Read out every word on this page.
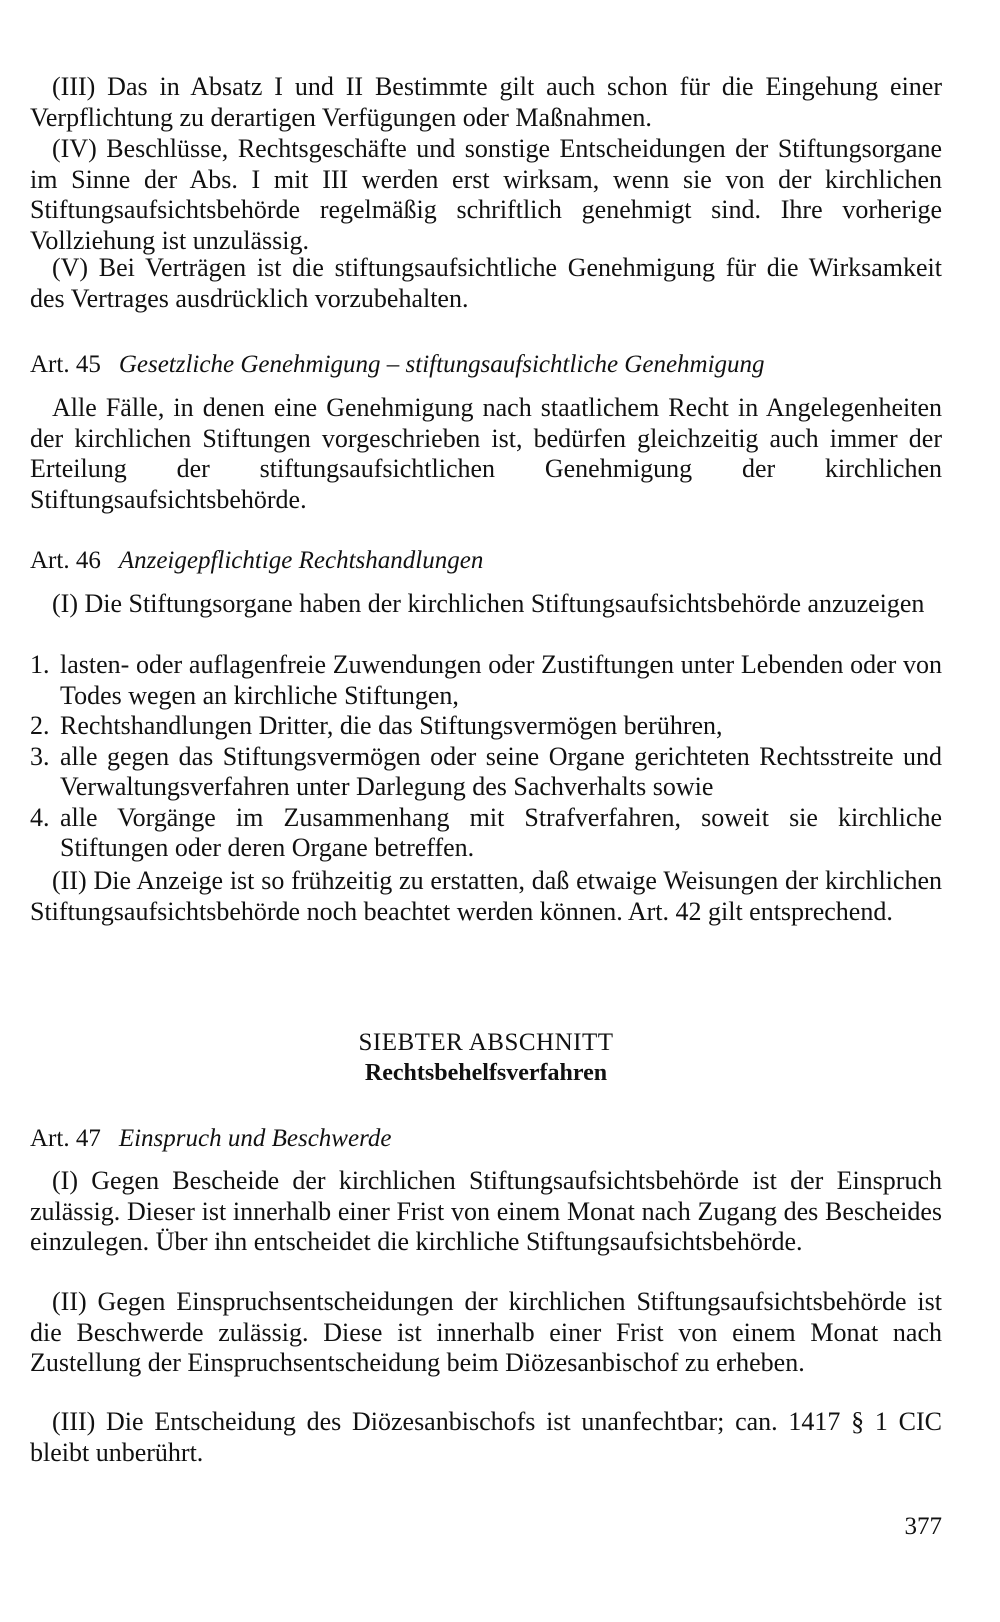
(III) Das in Absatz I und II Bestimmte gilt auch schon für die Eingehung einer Verpflichtung zu derartigen Verfügungen oder Maßnahmen.

(IV) Beschlüsse, Rechtsgeschäfte und sonstige Entscheidungen der Stiftungsorgane im Sinne der Abs. I mit III werden erst wirksam, wenn sie von der kirchlichen Stiftungsaufsichtsbehörde regelmäßig schriftlich genehmigt sind. Ihre vorherige Vollziehung ist unzulässig.

(V) Bei Verträgen ist die stiftungsaufsichtliche Genehmigung für die Wirksamkeit des Vertrages ausdrücklich vorzubehalten.

Art. 45 Gesetzliche Genehmigung – stiftungsaufsichtliche Genehmigung

Alle Fälle, in denen eine Genehmigung nach staatlichem Recht in Angelegenheiten der kirchlichen Stiftungen vorgeschrieben ist, bedürfen gleichzeitig auch immer der Erteilung der stiftungsaufsichtlichen Genehmigung der kirchlichen Stiftungsaufsichtsbehörde.

Art. 46 Anzeigepflichtige Rechtshandlungen

(I) Die Stiftungsorgane haben der kirchlichen Stiftungsaufsichtsbehörde anzuzeigen

1. lasten- oder auflagenfreie Zuwendungen oder Zustiftungen unter Lebenden oder von Todes wegen an kirchliche Stiftungen,
2. Rechtshandlungen Dritter, die das Stiftungsvermögen berühren,
3. alle gegen das Stiftungsvermögen oder seine Organe gerichteten Rechtsstreite und Verwaltungsverfahren unter Darlegung des Sachverhalts sowie
4. alle Vorgänge im Zusammenhang mit Strafverfahren, soweit sie kirchliche Stiftungen oder deren Organe betreffen.

(II) Die Anzeige ist so frühzeitig zu erstatten, daß etwaige Weisungen der kirchlichen Stiftungsaufsichtsbehörde noch beachtet werden können. Art. 42 gilt entsprechend.

SIEBTER ABSCHNITT
Rechtsbehelfsverfahren
Art. 47 Einspruch und Beschwerde

(I) Gegen Bescheide der kirchlichen Stiftungsaufsichtsbehörde ist der Einspruch zulässig. Dieser ist innerhalb einer Frist von einem Monat nach Zugang des Bescheides einzulegen. Über ihn entscheidet die kirchliche Stiftungsaufsichtsbehörde.

(II) Gegen Einspruchsentscheidungen der kirchlichen Stiftungsaufsichtsbehörde ist die Beschwerde zulässig. Diese ist innerhalb einer Frist von einem Monat nach Zustellung der Einspruchsentscheidung beim Diözesanbischof zu erheben.

(III) Die Entscheidung des Diözesanbischofs ist unanfechtbar; can. 1417 § 1 CIC bleibt unberührt.

377
